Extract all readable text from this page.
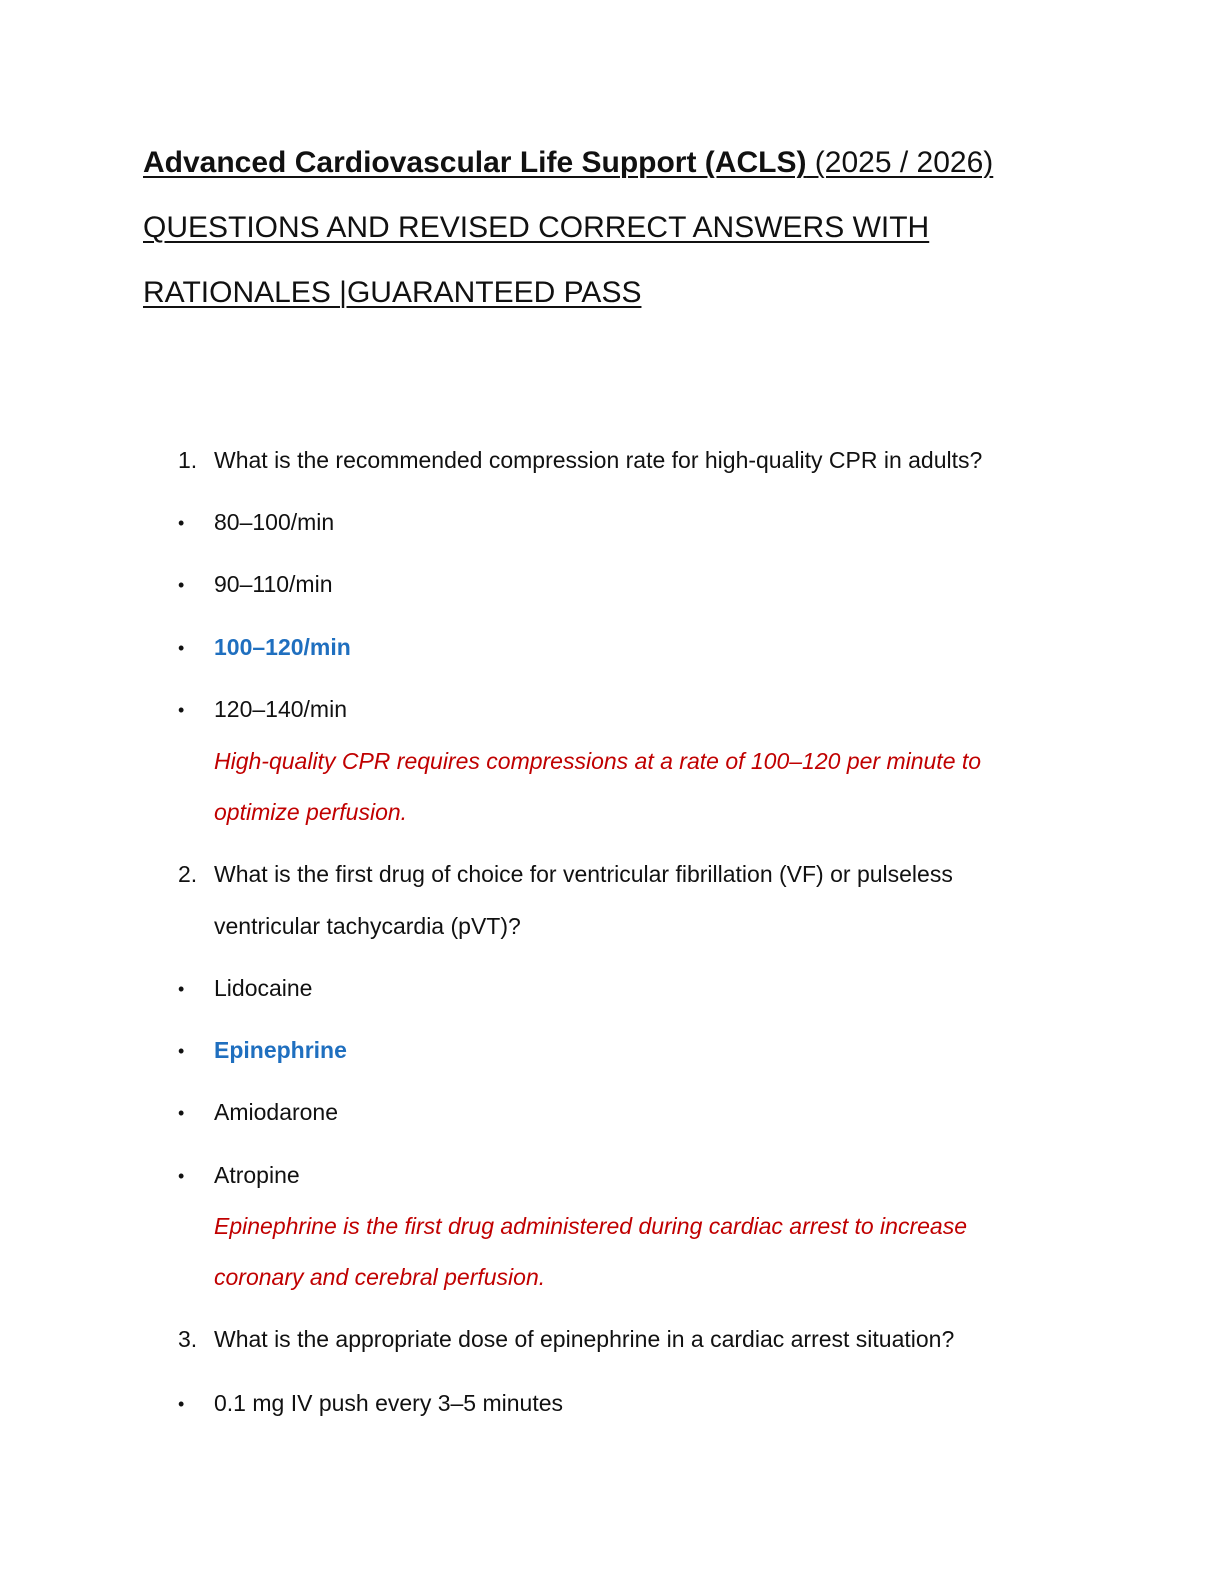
Advanced Cardiovascular Life Support (ACLS) (2025 / 2026)
QUESTIONS AND REVISED CORRECT ANSWERS WITH
RATIONALES |GUARANTEED PASS
1. What is the recommended compression rate for high-quality CPR in adults?
• 80–100/min
• 90–110/min
• 100–120/min
• 120–140/min
High-quality CPR requires compressions at a rate of 100–120 per minute to
optimize perfusion.
2. What is the first drug of choice for ventricular fibrillation (VF) or pulseless
ventricular tachycardia (pVT)?
• Lidocaine
• Epinephrine
• Amiodarone
• Atropine
Epinephrine is the first drug administered during cardiac arrest to increase
coronary and cerebral perfusion.
3. What is the appropriate dose of epinephrine in a cardiac arrest situation?
• 0.1 mg IV push every 3–5 minutes
